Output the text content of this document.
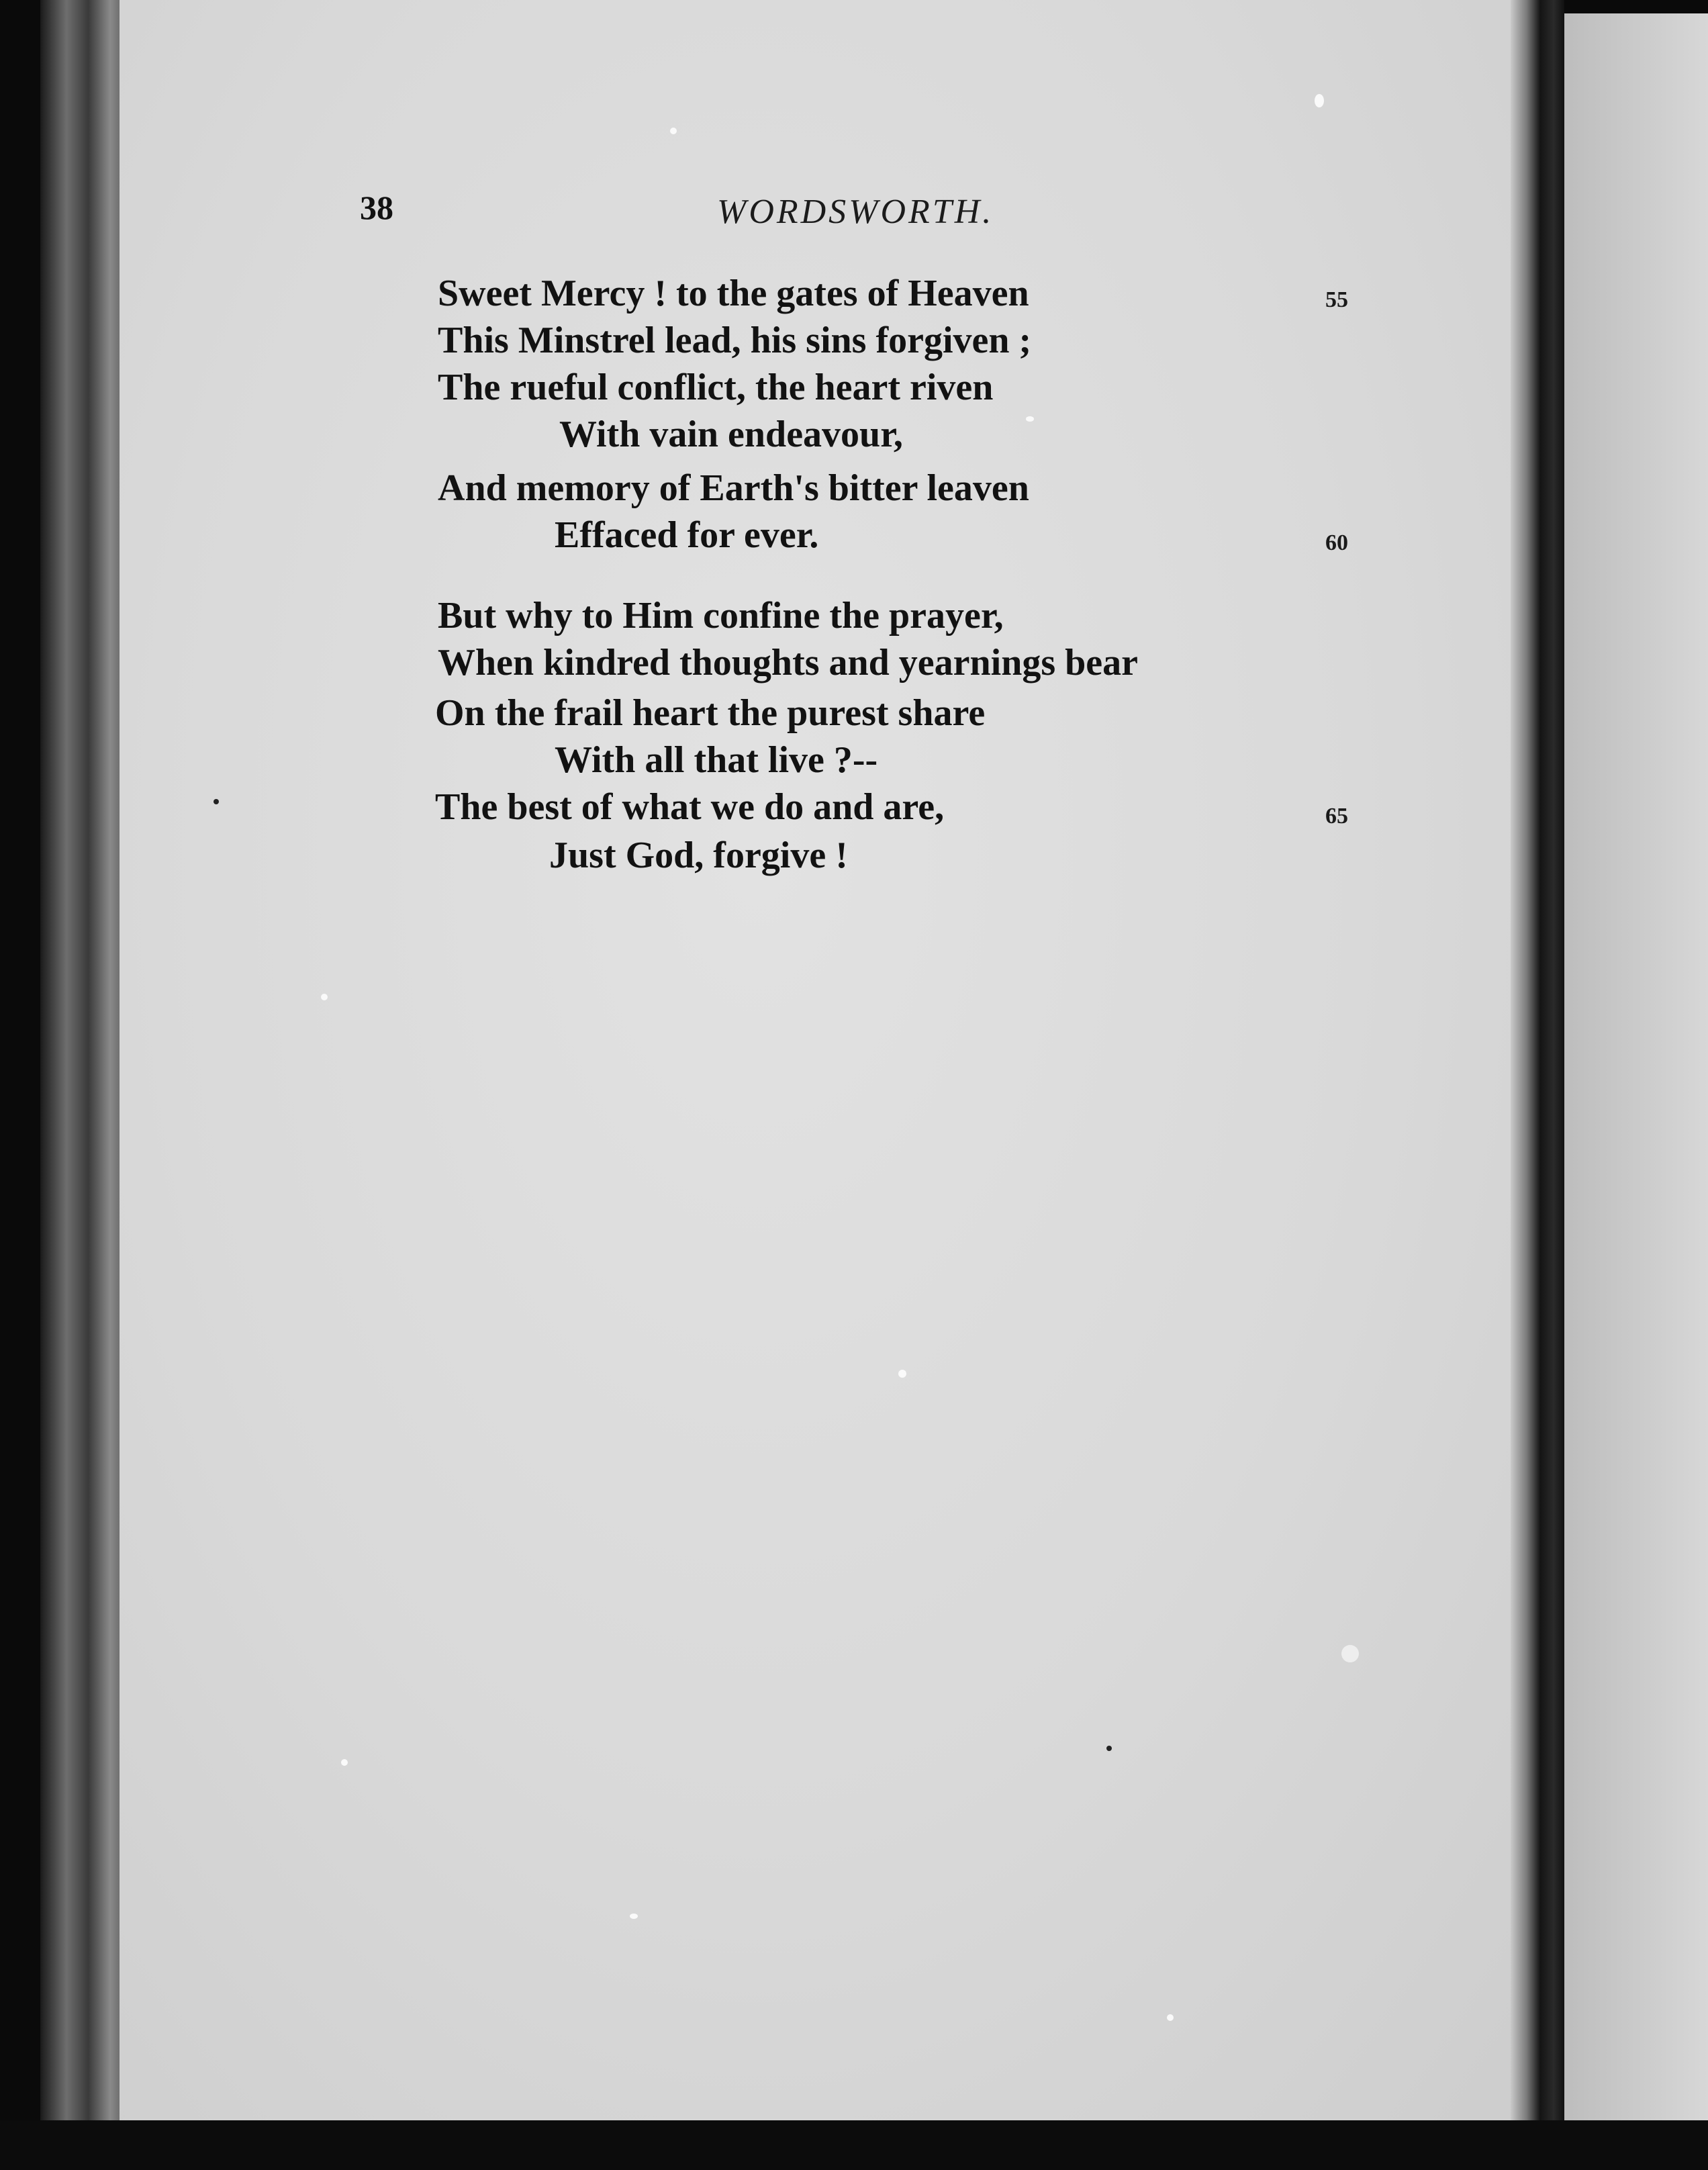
38	WORDSWORTH.
Sweet Mercy ! to the gates of Heaven	55
This Minstrel lead, his sins forgiven ;
The rueful conflict, the heart riven
With vain endeavour,
And memory of Earth's bitter leaven
Effaced for ever.	60
But why to Him confine the prayer,
When kindred thoughts and yearnings bear
On the frail heart the purest share
With all that live ?--
The best of what we do and are,	65
Just God, forgive !
